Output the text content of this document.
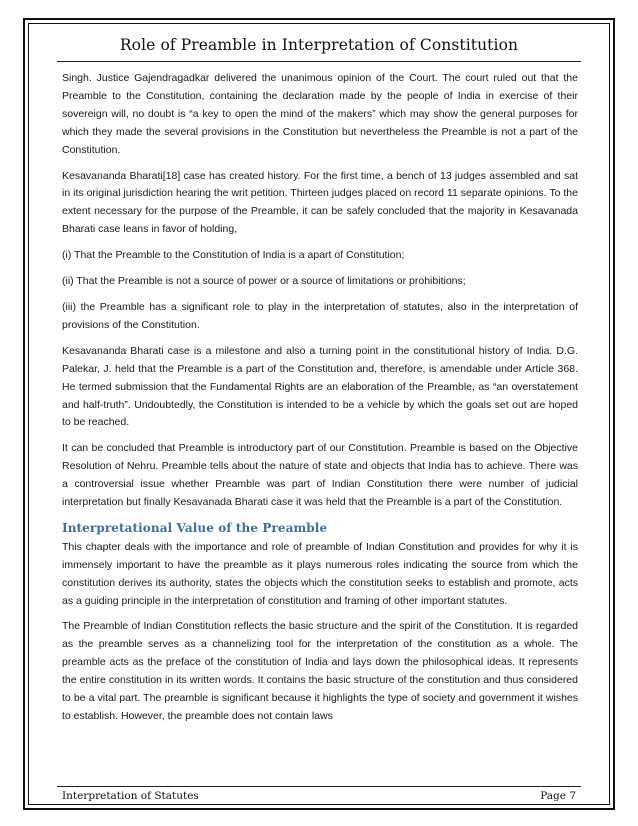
Role of Preamble in Interpretation of Constitution

Singh. Justice Gajendragadkar delivered the unanimous opinion of the Court. The court ruled out that the Preamble to the Constitution, containing the declaration made by the people of India in exercise of their sovereign will, no doubt is “a key to open the mind of the makers” which may show the general purposes for which they made the several provisions in the Constitution but nevertheless the Preamble is not a part of the Constitution.

Kesavananda Bharati[18] case has created history. For the first time, a bench of 13 judges assembled and sat in its original jurisdiction hearing the writ petition. Thirteen judges placed on record 11 separate opinions. To the extent necessary for the purpose of the Preamble, it can be safely concluded that the majority in Kesavanada Bharati case leans in favor of holding,

(i) That the Preamble to the Constitution of India is a apart of Constitution;

(ii) That the Preamble is not a source of power or a source of limitations or prohibitions;

(iii) the Preamble has a significant role to play in the interpretation of statutes, also in the interpretation of provisions of the Constitution.

Kesavananda Bharati case is a milestone and also a turning point in the constitutional history of India. D.G. Palekar, J. held that the Preamble is a part of the Constitution and, therefore, is amendable under Article 368. He termed submission that the Fundamental Rights are an elaboration of the Preamble, as “an overstatement and half-truth”. Undoubtedly, the Constitution is intended to be a vehicle by which the goals set out are hoped to be reached.

It can be concluded that Preamble is introductory part of our Constitution. Preamble is based on the Objective Resolution of Nehru. Preamble tells about the nature of state and objects that India has to achieve. There was a controversial issue whether Preamble was part of Indian Constitution there were number of judicial interpretation but finally Kesavanada Bharati case it was held that the Preamble is a part of the Constitution.

Interpretational Value of the Preamble

This chapter deals with the importance and role of preamble of Indian Constitution and provides for why it is immensely important to have the preamble as it plays numerous roles indicating the source from which the constitution derives its authority, states the objects which the constitution seeks to establish and promote, acts as a guiding principle in the interpretation of constitution and framing of other important statutes.

The Preamble of Indian Constitution reflects the basic structure and the spirit of the Constitution. It is regarded as the preamble serves as a channelizing tool for the interpretation of the constitution as a whole. The preamble acts as the preface of the constitution of India and lays down the philosophical ideas. It represents the entire constitution in its written words. It contains the basic structure of the constitution and thus considered to be a vital part. The preamble is significant because it highlights the type of society and government it wishes to establish. However, the preamble does not contain laws

Interpretation of Statutes	Page 7
